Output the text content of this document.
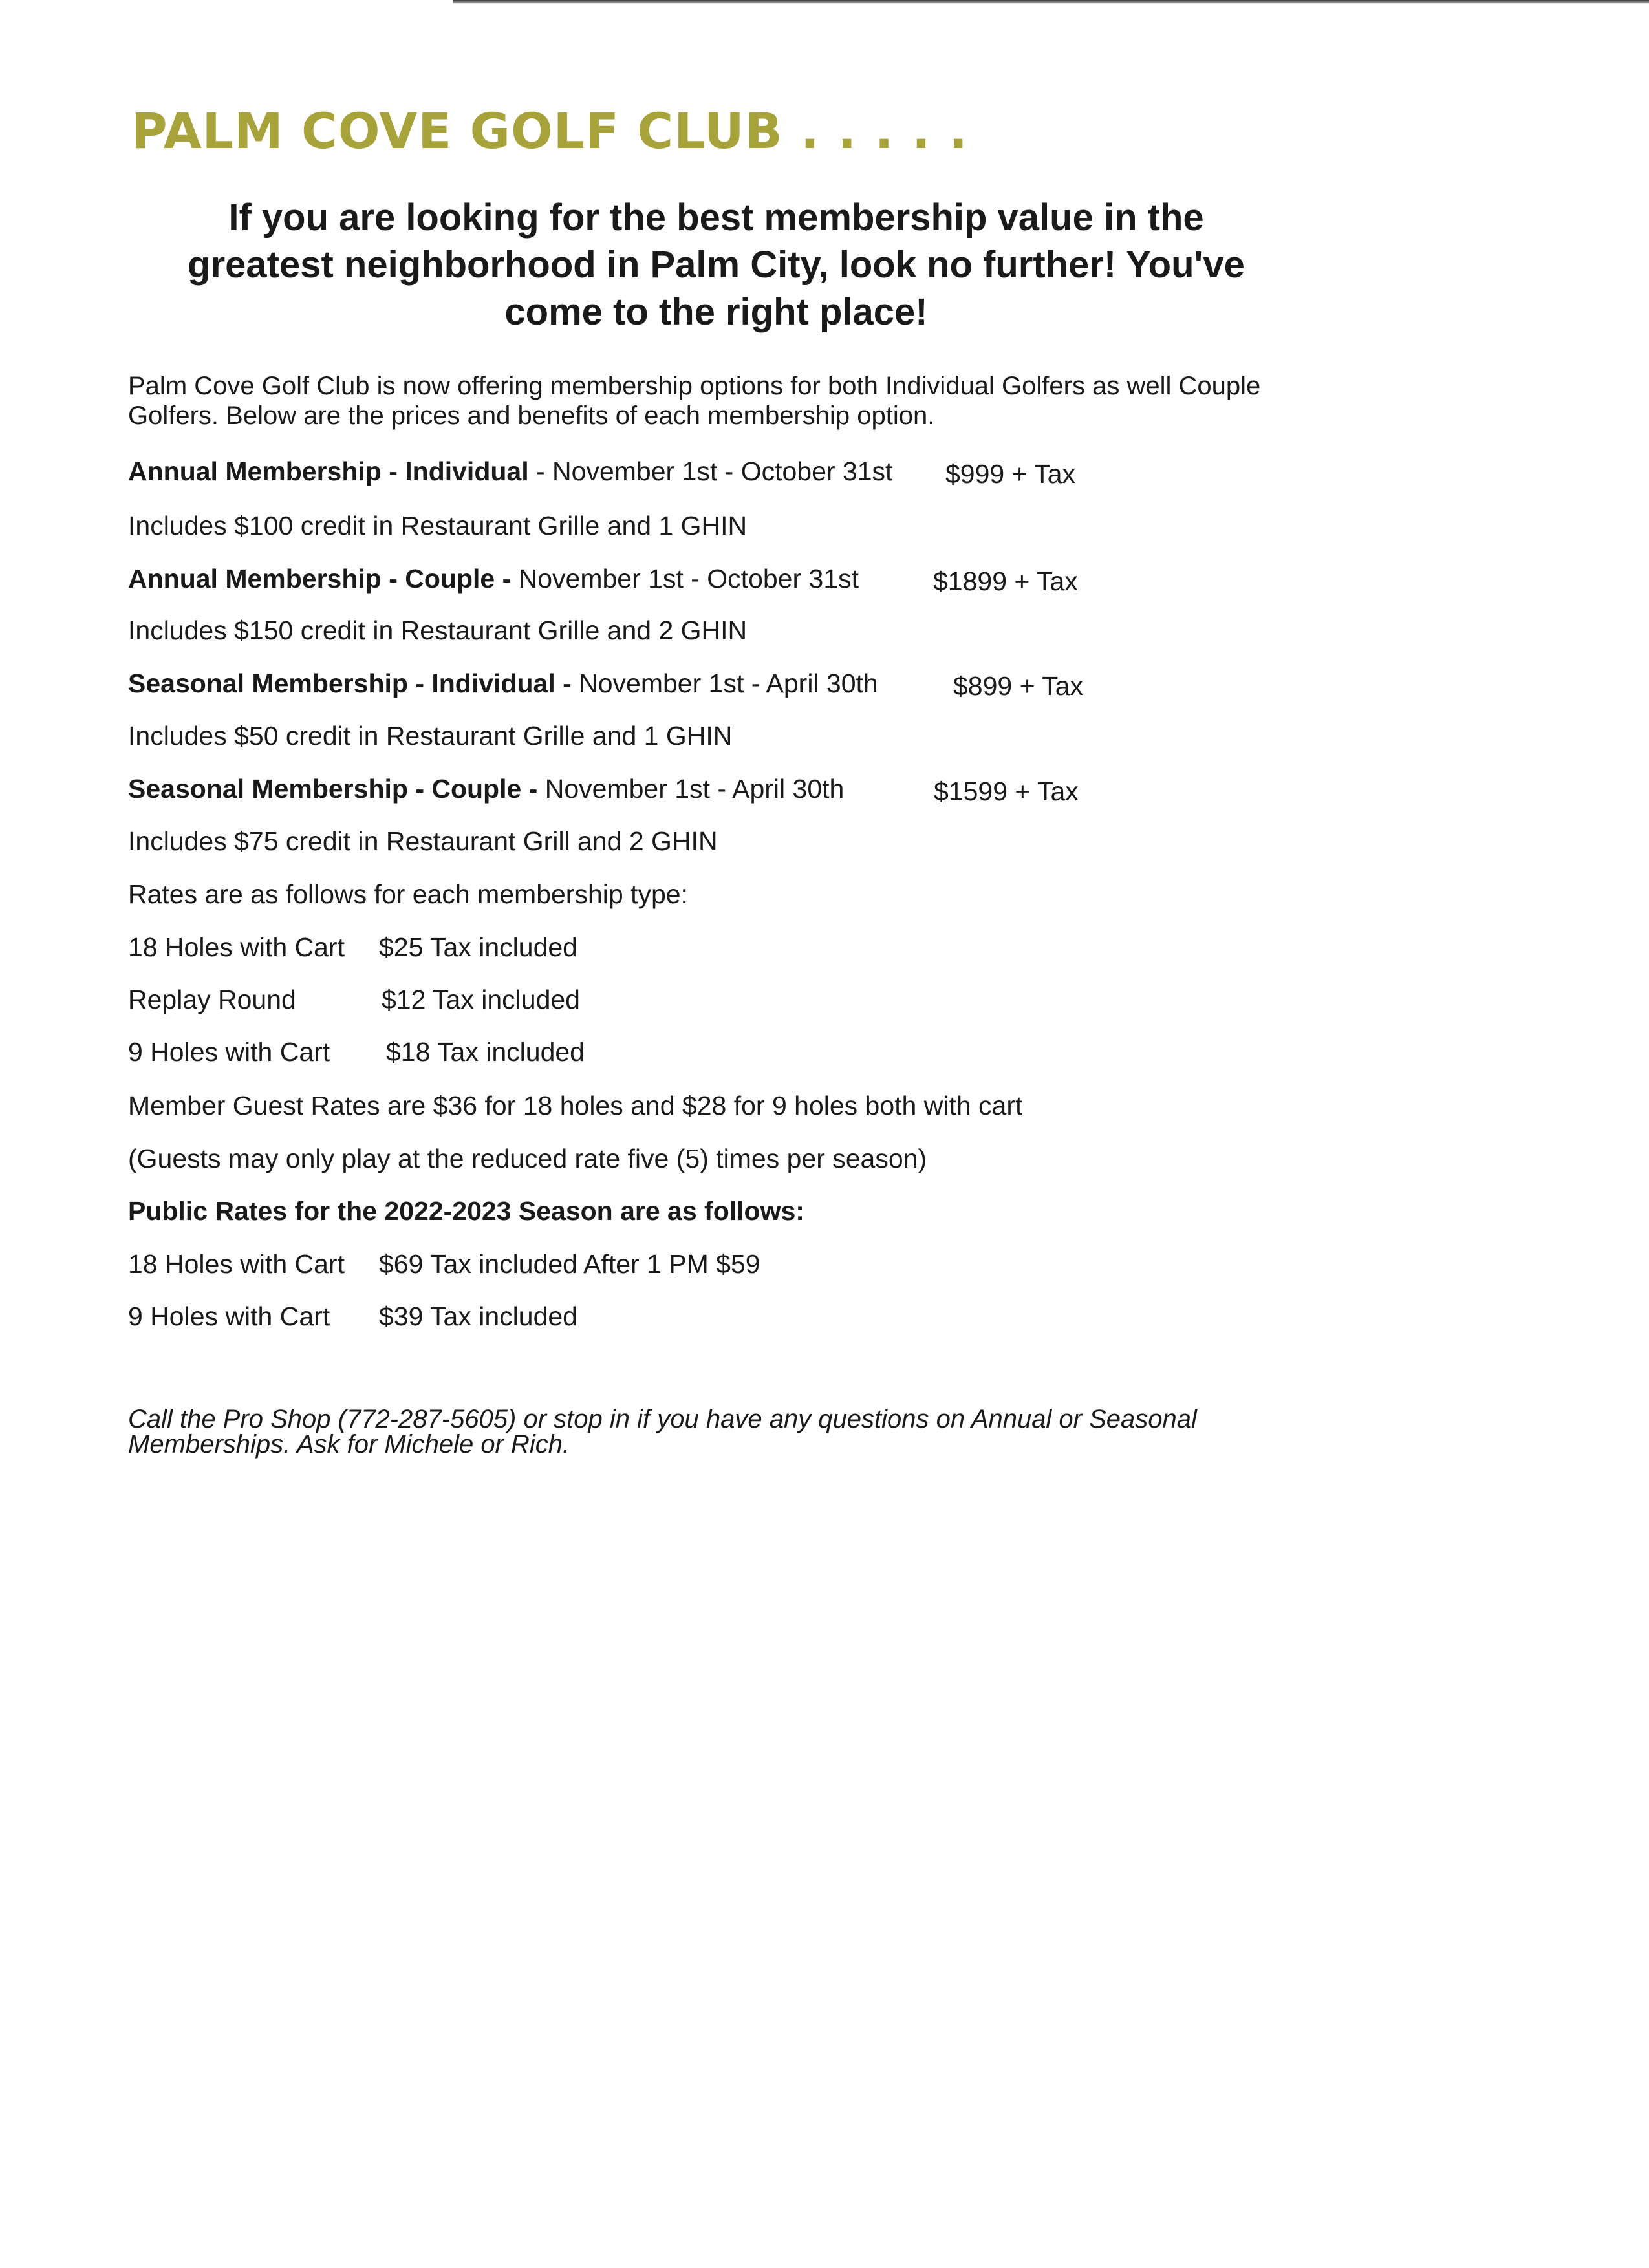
PALM COVE GOLF CLUB . . . . .
If you are looking for the best membership value in the
greatest neighborhood in Palm City, look no further! You've
come to the right place!
Palm Cove Golf Club is now offering membership options for both Individual Golfers as well Couple
Golfers. Below are the prices and benefits of each membership option.
Annual Membership - Individual - November 1st - October 31st $999 + Tax
Includes $100 credit in Restaurant Grille and 1 GHIN
Annual Membership - Couple - November 1st - October 31st	$1899 + Tax
Includes $150 credit in Restaurant Grille and 2 GHIN
Seasonal Membership - Individual - November 1st - April 30th	$899 + Tax
Includes $50 credit in Restaurant Grille and 1 GHIN
Seasonal Membership - Couple - November 1st - April 30th	$1599 + Tax
Includes $75 credit in Restaurant Grill and 2 GHIN
Rates are as follows for each membership type:
18 Holes with Cart $25 Tax included
Replay Round	$12 Tax included
9 Holes with Cart $18 Tax included
Member Guest Rates are $36 for 18 holes and $28 for 9 holes both with cart
(Guests may only play at the reduced rate five (5) times per season)
Public Rates for the 2022-2023 Season are as follows:
18 Holes with Cart $69 Tax included After 1 PM $59
9 Holes with Cart $39 Tax included
Call the Pro Shop (772-287-5605) or stop in if you have any questions on Annual or Seasonal
Memberships. Ask for Michele or Rich.
